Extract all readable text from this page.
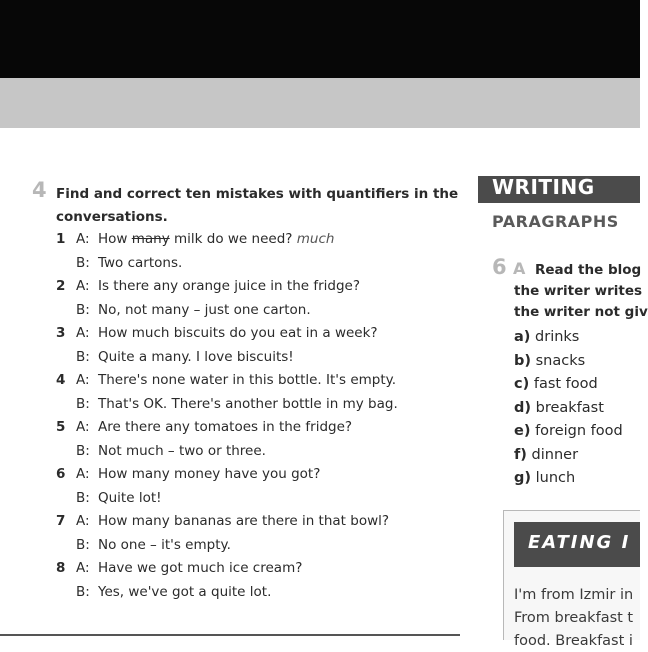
4 Find and correct ten mistakes with quantifiers in the
conversations.
1 A: How many milk do we need? much
B: Two cartons.
2 A: Is there any orange juice in the fridge?
B: No, not many – just one carton.
3 A: How much biscuits do you eat in a week?
B: Quite a many. I love biscuits!
4 A: There's none water in this bottle. It's empty.
B: That's OK. There's another bottle in my bag.
5 A: Are there any tomatoes in the fridge?
B: Not much – two or three.
6 A: How many money have you got?
B: Quite lot!
7 A: How many bananas are there in that bowl?
B: No one – it's empty.
8 A: Have we got much ice cream?
B: Yes, we've got a quite lot.
WRITING
PARAGRAPHS
6 A Read the blog
the writer writes
the writer not giv
a) drinks
b) snacks
c) fast food
d) breakfast
e) foreign food
f) dinner
g) lunch
EATING I
I'm from Izmir in
From breakfast t
food. Breakfast i
